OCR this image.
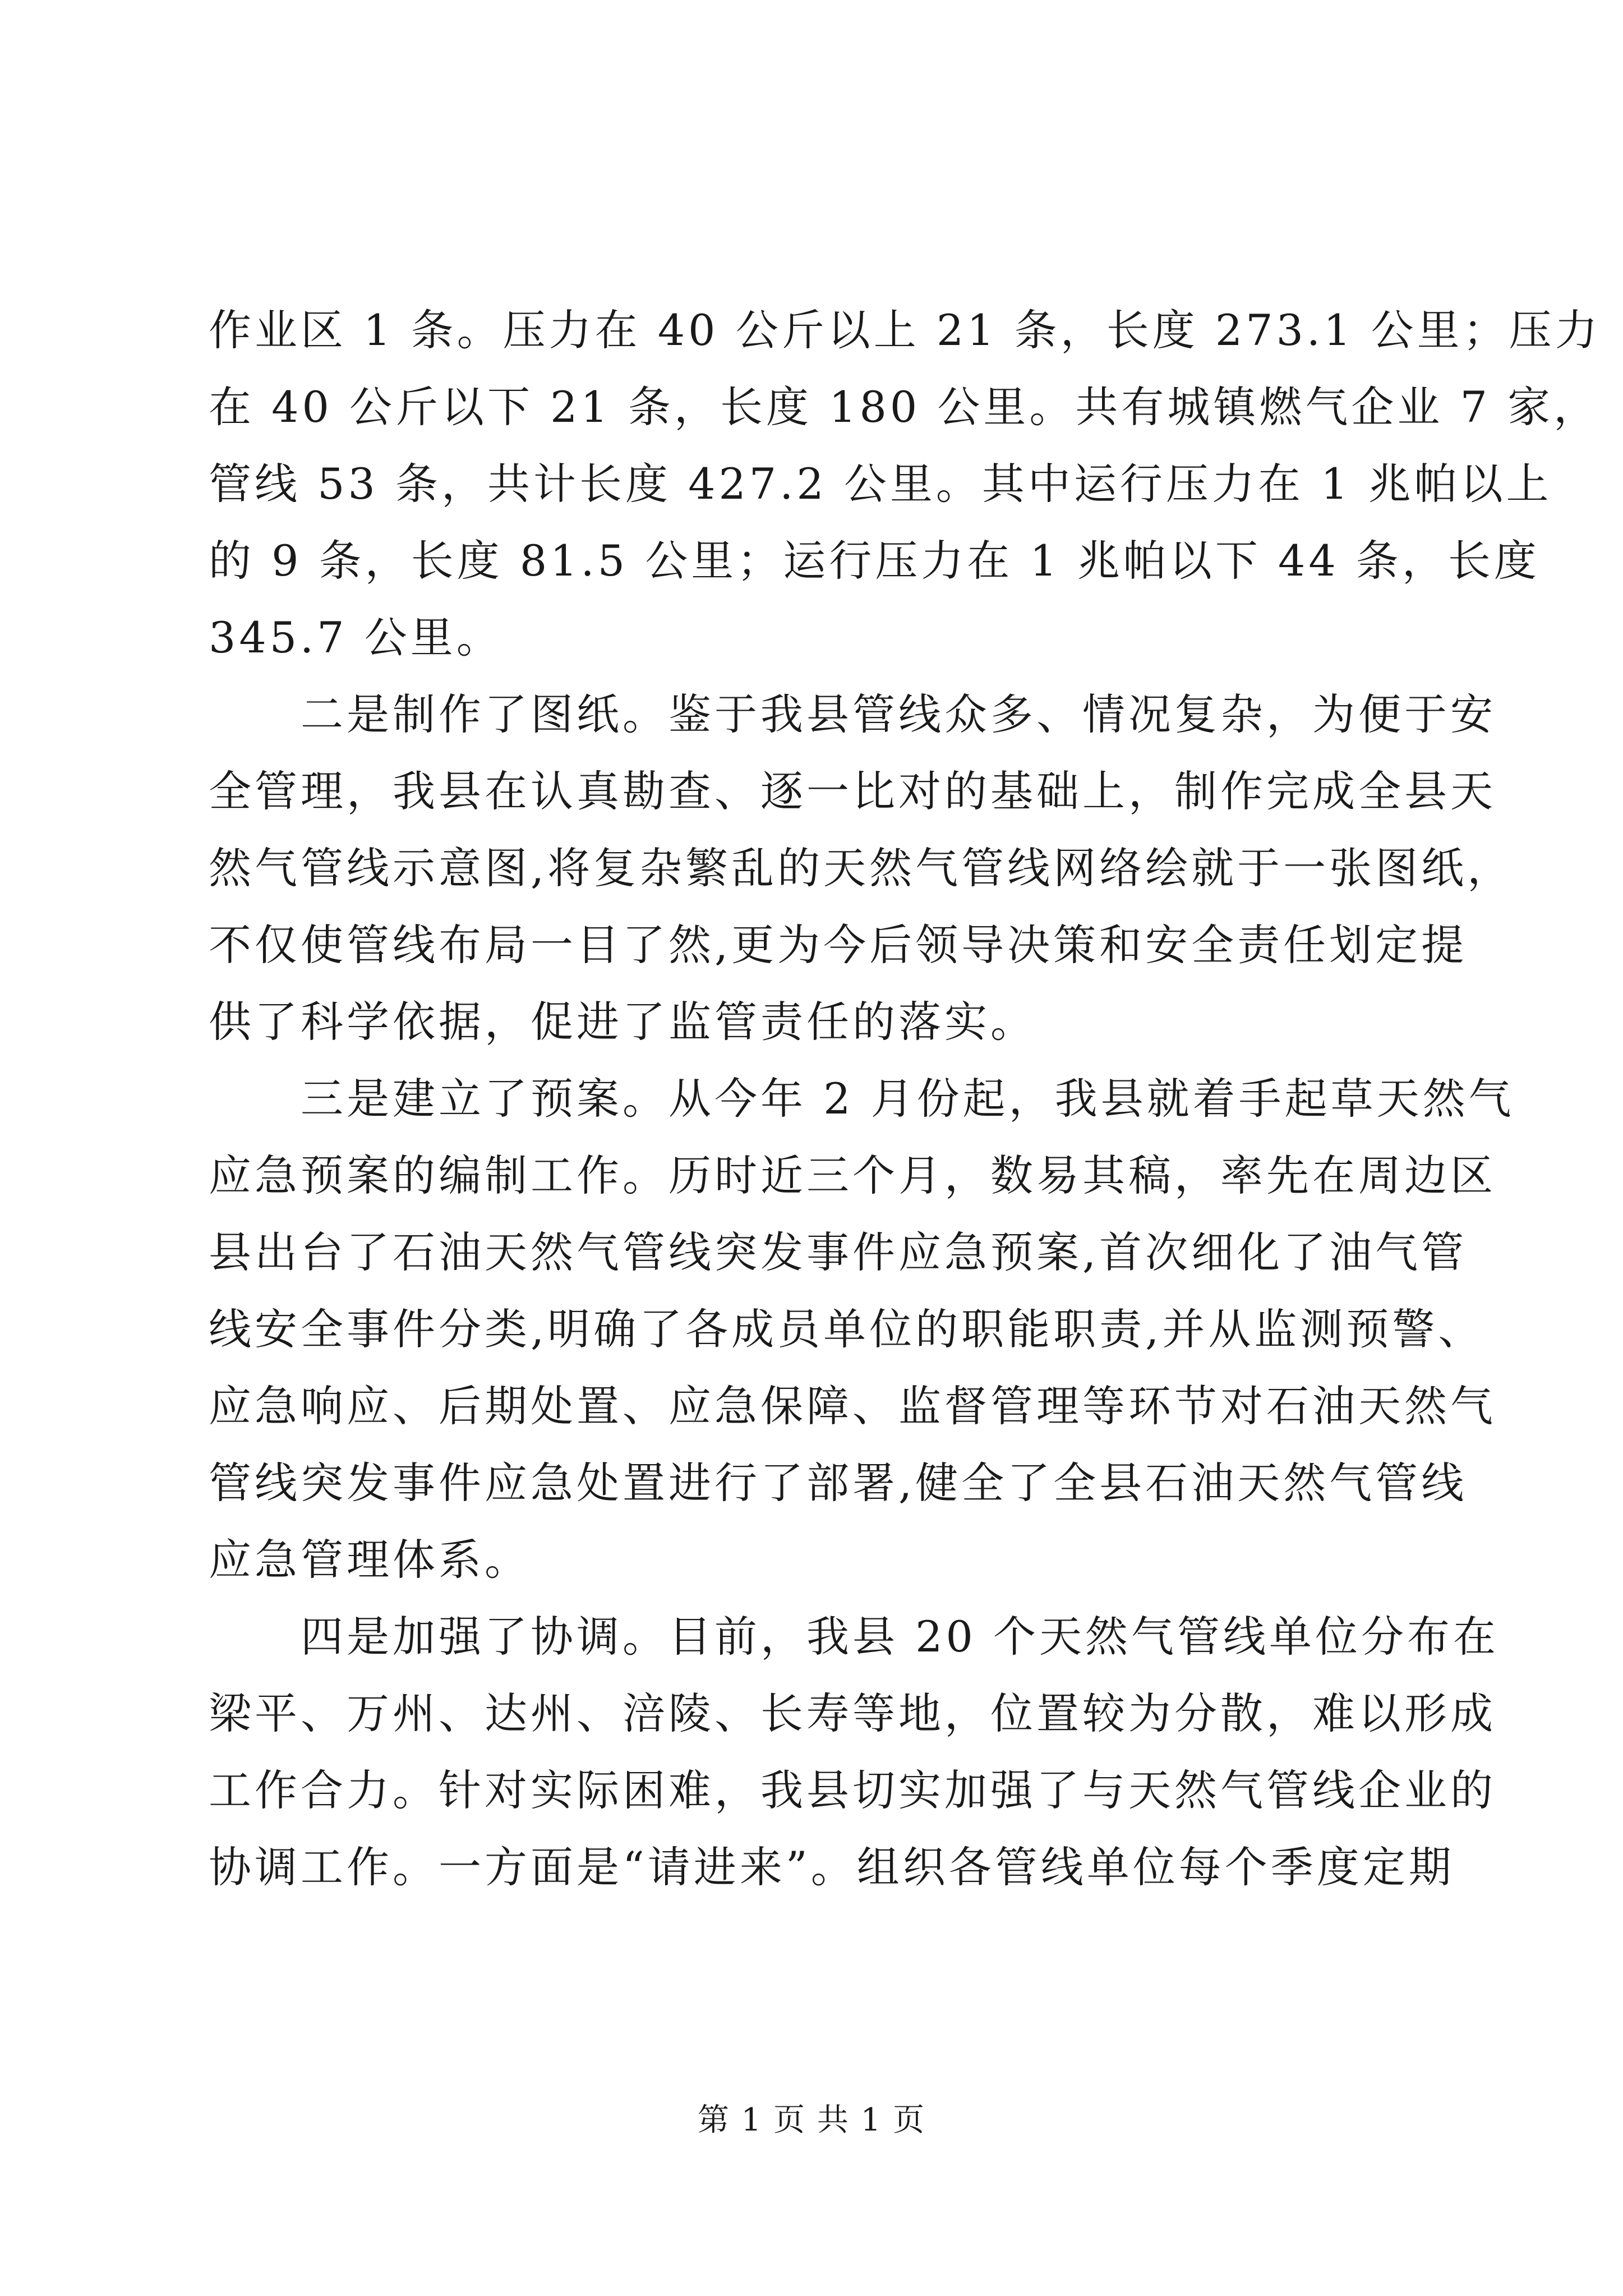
作业区 1 条。压力在 40 公斤以上 21 条，长度 273.1 公里；压力
在 40 公斤以下 21 条，长度 180 公里。共有城镇燃气企业 7 家，
管线 53 条，共计长度 427.2 公里。其中运行压力在 1 兆帕以上
的 9 条，长度 81.5 公里；运行压力在 1 兆帕以下 44 条，长度
345.7 公里。
　　二是制作了图纸。鉴于我县管线众多、情况复杂，为便于安
全管理，我县在认真勘查、逐一比对的基础上，制作完成全县天
然气管线示意图,将复杂繁乱的天然气管线网络绘就于一张图纸，
不仅使管线布局一目了然,更为今后领导决策和安全责任划定提
供了科学依据，促进了监管责任的落实。
　　三是建立了预案。从今年 2 月份起，我县就着手起草天然气
应急预案的编制工作。历时近三个月，数易其稿，率先在周边区
县出台了石油天然气管线突发事件应急预案,首次细化了油气管
线安全事件分类,明确了各成员单位的职能职责,并从监测预警、
应急响应、后期处置、应急保障、监督管理等环节对石油天然气
管线突发事件应急处置进行了部署,健全了全县石油天然气管线
应急管理体系。
　　四是加强了协调。目前，我县 20 个天然气管线单位分布在
梁平、万州、达州、涪陵、长寿等地，位置较为分散，难以形成
工作合力。针对实际困难，我县切实加强了与天然气管线企业的
协调工作。一方面是“请进来”。组织各管线单位每个季度定期
第 1 页 共 1 页
